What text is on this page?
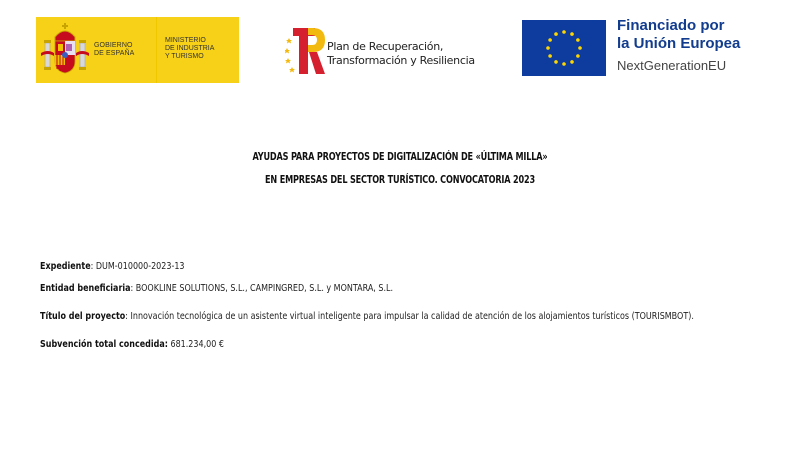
GOBIERNO
DE ESPAÑA
MINISTERIO
DE INDUSTRIA
Y TURISMO
Plan de Recuperación,
Transformación y Resiliencia
Financiado por
la Unión Europea
NextGenerationEU
AYUDAS PARA PROYECTOS DE DIGITALIZACIÓN DE «ÚLTIMA MILLA»
EN EMPRESAS DEL SECTOR TURÍSTICO. CONVOCATORIA 2023
Expediente: DUM-010000-2023-13
Entidad beneficiaria: BOOKLINE SOLUTIONS, S.L., CAMPINGRED, S.L. y MONTARA, S.L.
Título del proyecto: Innovación tecnológica de un asistente virtual inteligente para impulsar la calidad de atención de los alojamientos turísticos (TOURISMBOT).
Subvención total concedida: 681.234,00 €
